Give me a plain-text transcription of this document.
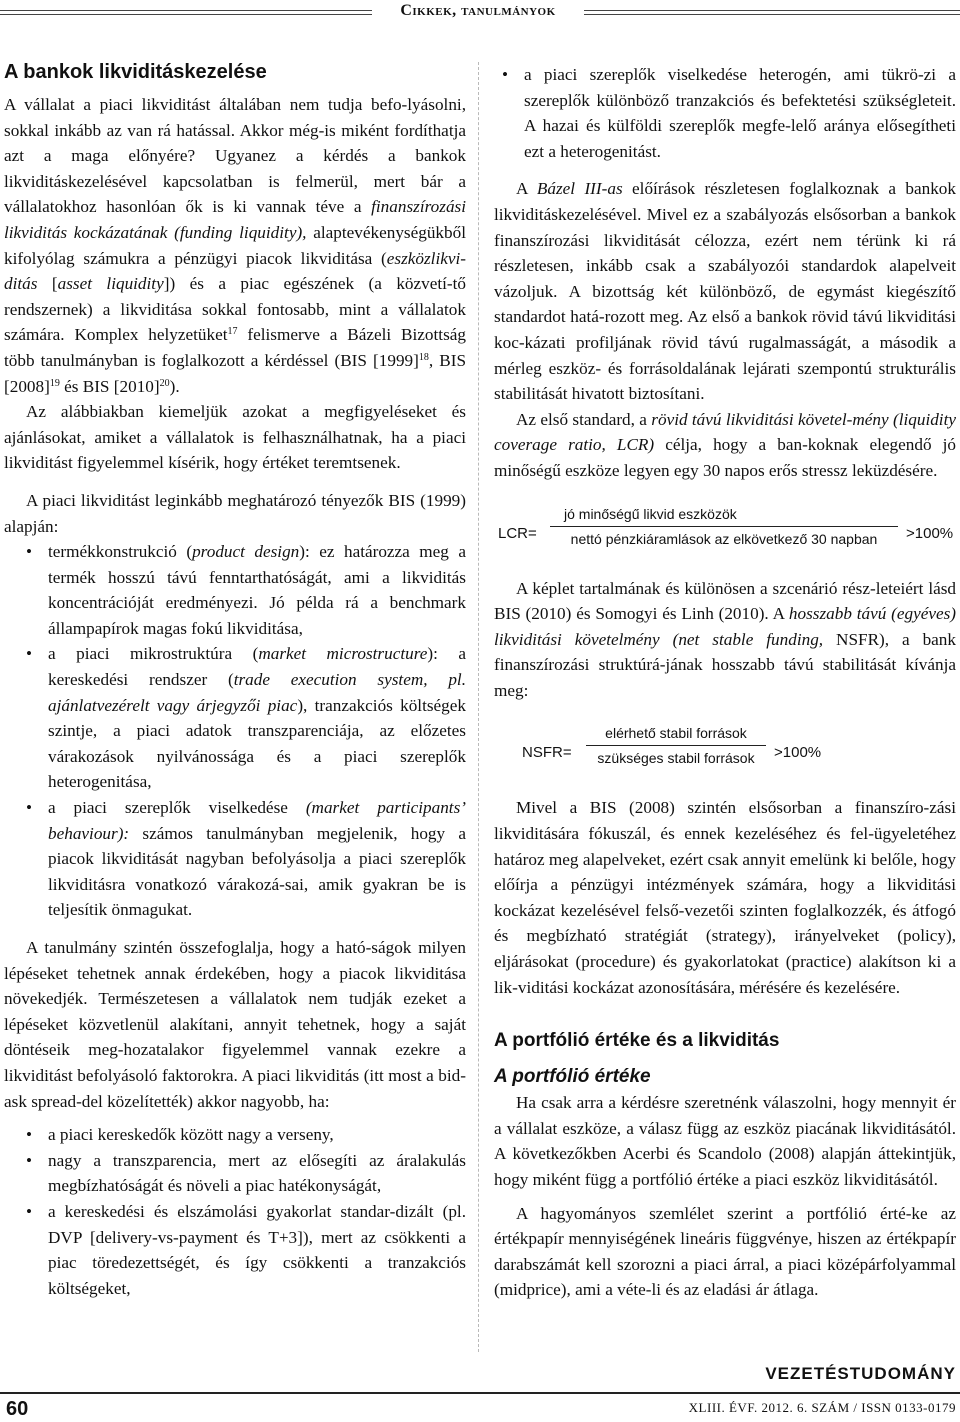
Cikkek, tanulmányok
A bankok likviditáskezelése

A vállalat a piaci likviditást általában nem tudja befo-lyásolni, sokkal inkább az van rá hatással. Akkor még-is miként fordíthatja azt a maga előnyére? Ugyanez a kérdés a bankok likviditáskezelésével kapcsolatban is felmerül, mert bár a vállalatokhoz hasonlóan ők is ki vannak téve a finanszírozási likviditás kockázatának (funding liquidity), alaptevékenységükből kifolyólag számukra a pénzügyi piacok likviditása (eszközlikvi-ditás [asset liquidity]) és a piac egészének (a közvetí-tő rendszernek) a likviditása sokkal fontosabb, mint a vállalatok számára. Komplex helyzetüket$^{17}$ felismerve a Bázeli Bizottság több tanulmányban is foglalkozott a kérdéssel (BIS $[1999]^{18}$, BIS $[2008]^{19}$ és BIS $[2010]^{20}$).

Az alábbiakban kiemeljük azokat a megfigyeléseket és ajánlásokat, amiket a vállalatok is felhasználhatnak, ha a piaci likviditást figyelemmel kísérik, hogy értéket teremtsenek.

A piaci likviditást leginkább meghatározó tényezők BIS (1999) alapján:

• termékkonstrukció (product design): ez határozza meg a termék hosszú távú fenntarthatóságát, ami a likviditás koncentrációját eredményezi. Jó példa rá a benchmark állampapírok magas fokú likviditása,
• a piaci mikrostruktúra (market microstructure): a kereskedési rendszer (trade execution system, pl. ajánlatvezérelt vagy árjegyzői piac), tranzakciós költségek szintje, a piaci adatok transzparenciája, az előzetes várakozások nyilvánossága és a piaci szereplők heterogenitása,
• a piaci szereplők viselkedése (market participants’ behaviour): számos tanulmányban megjelenik, hogy a piacok likviditását nagyban befolyásolja a piaci szereplők likviditásra vonatkozó várakozá-sai, amik gyakran be is teljesítik önmagukat.

A tanulmány szintén összefoglalja, hogy a ható-ságok milyen lépéseket tehetnek annak érdekében, hogy a piacok likviditása növekedjék. Természetesen a vállalatok nem tudják ezeket a lépéseket közvetlenül alakítani, annyit tehetnek, hogy a saját döntéseik meg-hozatalakor figyelemmel vannak ezekre a likviditást befolyásoló faktorokra. A piaci likviditás (itt most a bid-ask spread-del közelítették) akkor nagyobb, ha:

• a piaci kereskedők között nagy a verseny,
• nagy a transzparencia, mert az elősegíti az áralakulás megbízhatóságát és növeli a piac hatékonyságát,
• a kereskedési és elszámolási gyakorlat standar-dizált (pl. DVP [delivery-vs-payment és T+3]), mert az csökkenti a piac töredezettségét, és így csökkenti a tranzakciós költségeket,
• a piaci szereplők viselkedése heterogén, ami tükrö-zi a szereplők különböző tranzakciós és befektetési szükségleteit. A hazai és külföldi szereplők megfe-lelő aránya elősegítheti ezt a heterogenitást.

A Bázel III-as előírások részletesen foglalkoznak a bankok likviditáskezelésével. Mivel ez a szabályozás elsősorban a bankok finanszírozási likviditását célozza, ezért nem térünk ki rá részletesen, inkább csak a szabályozói standardok alapelveit vázoljuk. A bizottság két különböző, de egymást kiegészítő standardot hatá-rozott meg. Az első a bankok rövid távú likviditási koc-kázati profiljának rövid távú rugalmasságát, a második a mérleg eszköz- és forrásoldalának lejárati szempontú strukturális stabilitását hivatott biztosítani.

Az első standard, a rövid távú likviditási követel-mény (liquidity coverage ratio, LCR) célja, hogy a ban-koknak elegendő jó minőségű eszköze legyen egy 30 napos erős stressz leküzdésére.

LCR=
jó minőségű likvid eszközök
nettó pénzkiáramlások az elkövetkező 30 napban	>100%

A képlet tartalmának és különösen a szcenárió rész-leteiért lásd BIS (2010) és Somogyi és Linh (2010). A hosszabb távú (egyéves) likviditási követelmény (net stable funding, NSFR), a bank finanszírozási struktúrá-jának hosszabb távú stabilitását kívánja meg:

NSFR=
elérhető stabil források
szükséges stabil források	>100%

Mivel a BIS (2008) szintén elsősorban a finanszíro-zási likviditására fókuszál, és ennek kezeléséhez és fel-ügyeletéhez határoz meg alapelveket, ezért csak annyit emelünk ki belőle, hogy előírja a pénzügyi intézmények számára, hogy a likviditási kockázat kezelésével felső-vezetői szinten foglalkozzék, és átfogó és megbízható stratégiát (strategy), irányelveket (policy), eljárásokat (procedure) és gyakorlatokat (practice) alakítson ki a lik-viditási kockázat azonosítására, mérésére és kezelésére.

A portfólió értéke és a likviditás
A portfólió értéke

Ha csak arra a kérdésre szeretnénk válaszolni, hogy mennyit ér a vállalat eszközе, a válasz függ az eszköz piacának likviditásától. A következőkben Acerbi és Scandolo (2008) alapján áttekintjük, hogy miként függ a portfólió értéke a piaci eszköz likviditásától.

A hagyományos szemlélet szerint a portfólió érté-ke az értékpapír mennyiségének lineáris függvénye, hiszen az értékpapír darabszámát kell szorozni a piaci árral, a piaci középárfolyammal (midprice), ami a véte-li és az eladási ár átlaga.

VEZETÉSTUDOMÁNY
60	XLIII. ÉVF. 2012. 6. SZÁM / ISSN 0133-0179
